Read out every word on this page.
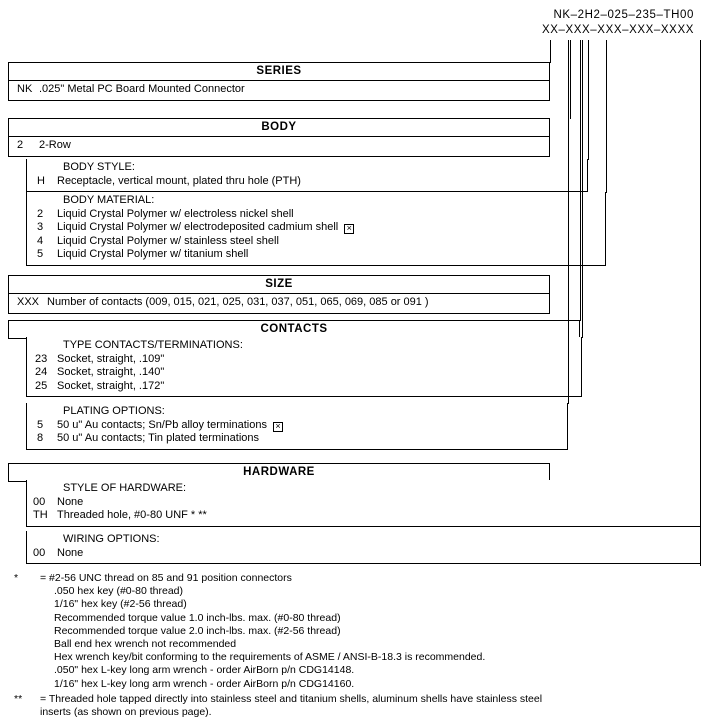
NK–2H2–025–235–TH00
XX–XXX–XXX–XXX–XXXX
SERIES
NK .025" Metal PC Board Mounted Connector
BODY
2	2-Row
BODY STYLE:
H	Receptacle, vertical mount, plated thru hole (PTH)
BODY MATERIAL:
2	Liquid Crystal Polymer w/ electroless nickel shell
3	Liquid Crystal Polymer w/ electrodeposited cadmium shell×
4	Liquid Crystal Polymer w/ stainless steel shell
5	Liquid Crystal Polymer w/ titanium shell
SIZE
XXX Number of contacts (009, 015, 021, 025, 031, 037, 051, 065, 069, 085 or 091 )
CONTACTS
TYPE CONTACTS/TERMINATIONS:
23 Socket, straight, .109"
24 Socket, straight, .140"
25 Socket, straight, .172"
PLATING OPTIONS:
5	50 u" Au contacts; Sn/Pb alloy terminations×
8	50 u" Au contacts; Tin plated terminations
HARDWARE
STYLE OF HARDWARE:
00	None
TH Threaded hole, #0-80 UNF * **
WIRING OPTIONS:
00	None
*	= #2-56 UNC thread on 85 and 91 position connectors
.050 hex key (#0-80 thread)
1/16" hex key (#2-56 thread)
Recommended torque value 1.0 inch-lbs. max. (#0-80 thread)
Recommended torque value 2.0 inch-lbs. max. (#2-56 thread)
Ball end hex wrench not recommended
Hex wrench key/bit conforming to the requirements of ASME / ANSI-B-18.3 is recommended.
.050" hex L-key long arm wrench - order AirBorn p/n CDG14148.
1/16" hex L-key long arm wrench - order AirBorn p/n CDG14160.
**	= Threaded hole tapped directly into stainless steel and titanium shells, aluminum shells have stainless steel
inserts (as shown on previous page).
